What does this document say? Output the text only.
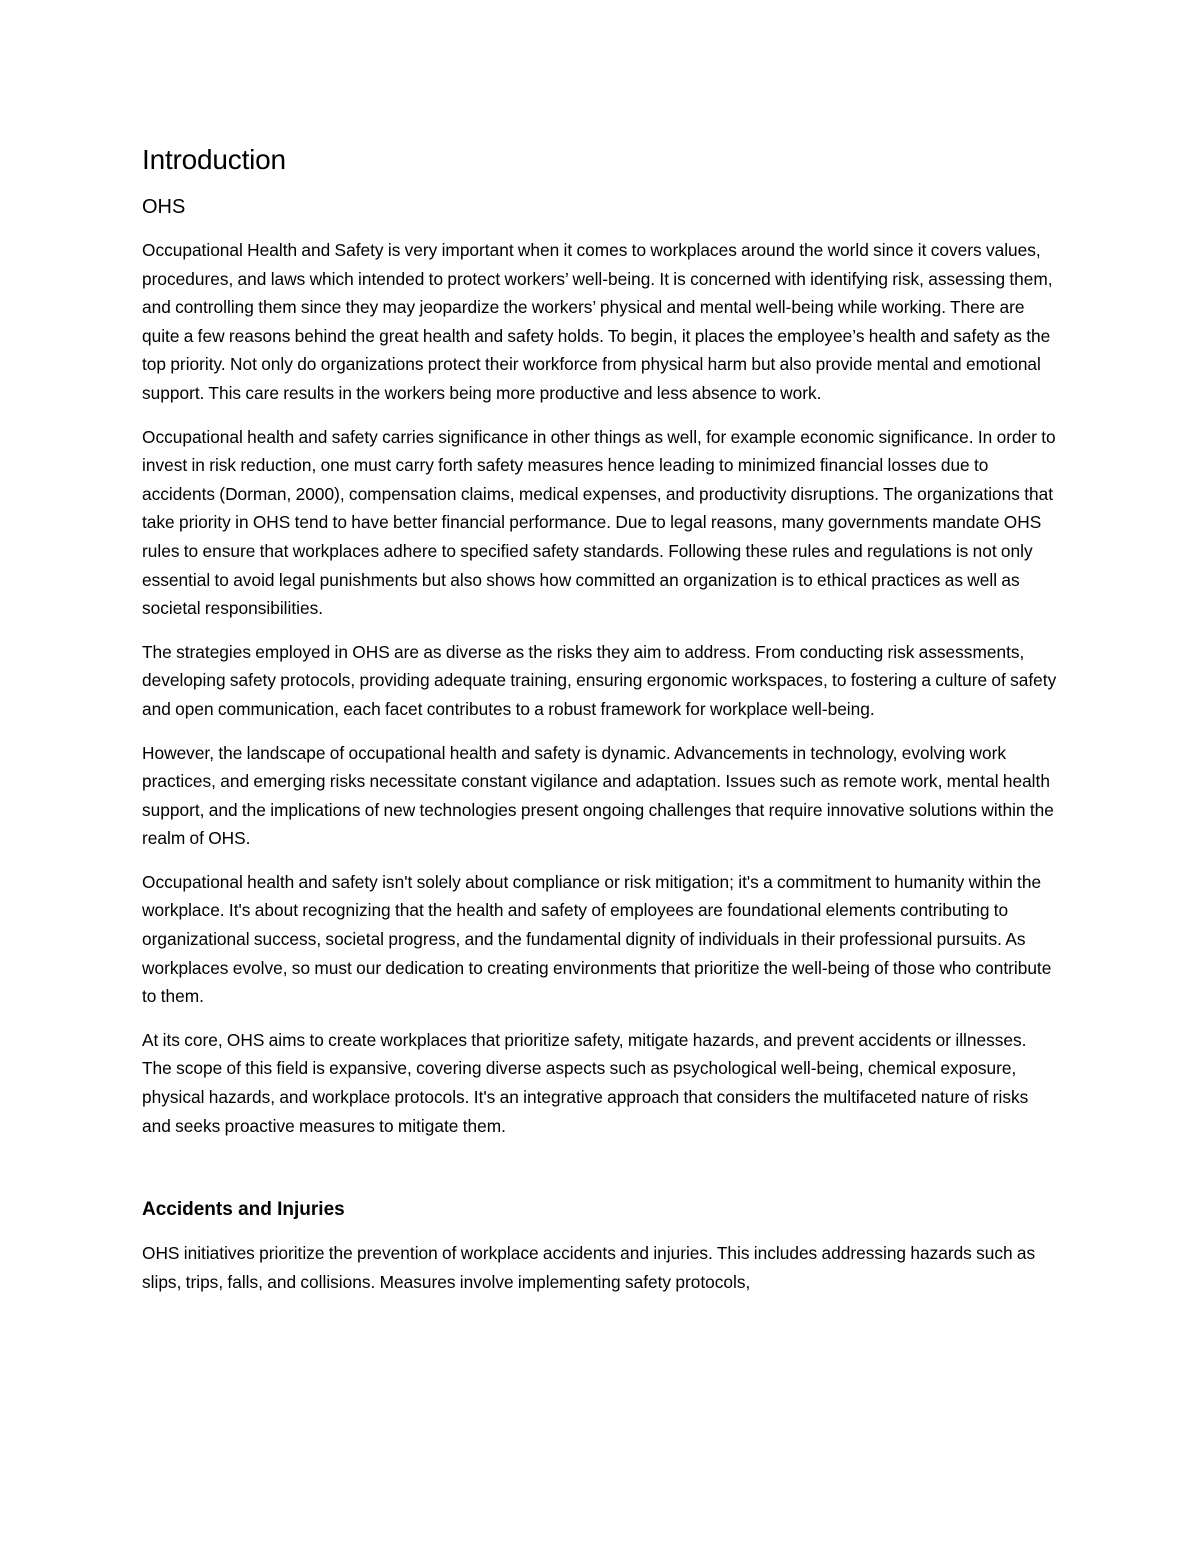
Introduction
OHS

Occupational Health and Safety is very important when it comes to workplaces around the world since it covers values, procedures, and laws which intended to protect workers’ well-being. It is concerned with identifying risk, assessing them, and controlling them since they may jeopardize the workers’ physical and mental well-being while working. There are quite a few reasons behind the great health and safety holds. To begin, it places the employee’s health and safety as the top priority. Not only do organizations protect their workforce from physical harm but also provide mental and emotional support. This care results in the workers being more productive and less absence to work.

Occupational health and safety carries significance in other things as well, for example economic significance. In order to invest in risk reduction, one must carry forth safety measures hence leading to minimized financial losses due to accidents (Dorman, 2000), compensation claims, medical expenses, and productivity disruptions. The organizations that take priority in OHS tend to have better financial performance. Due to legal reasons, many governments mandate OHS rules to ensure that workplaces adhere to specified safety standards. Following these rules and regulations is not only essential to avoid legal punishments but also shows how committed an organization is to ethical practices as well as societal responsibilities.

The strategies employed in OHS are as diverse as the risks they aim to address. From conducting risk assessments, developing safety protocols, providing adequate training, ensuring ergonomic workspaces, to fostering a culture of safety and open communication, each facet contributes to a robust framework for workplace well-being.

However, the landscape of occupational health and safety is dynamic. Advancements in technology, evolving work practices, and emerging risks necessitate constant vigilance and adaptation. Issues such as remote work, mental health support, and the implications of new technologies present ongoing challenges that require innovative solutions within the realm of OHS.

Occupational health and safety isn't solely about compliance or risk mitigation; it's a commitment to humanity within the workplace. It's about recognizing that the health and safety of employees are foundational elements contributing to organizational success, societal progress, and the fundamental dignity of individuals in their professional pursuits. As workplaces evolve, so must our dedication to creating environments that prioritize the well-being of those who contribute to them.

At its core, OHS aims to create workplaces that prioritize safety, mitigate hazards, and prevent accidents or illnesses. The scope of this field is expansive, covering diverse aspects such as psychological well-being, chemical exposure, physical hazards, and workplace protocols. It's an integrative approach that considers the multifaceted nature of risks and seeks proactive measures to mitigate them.

Accidents and Injuries

OHS initiatives prioritize the prevention of workplace accidents and injuries. This includes addressing hazards such as slips, trips, falls, and collisions. Measures involve implementing safety protocols,
